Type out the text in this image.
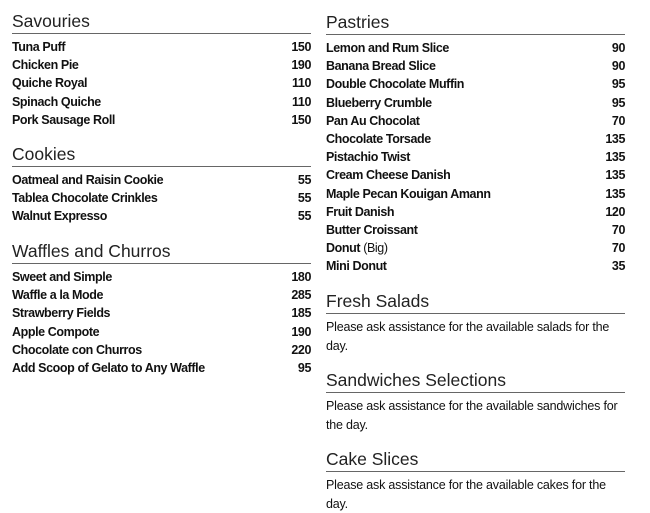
Savouries
Tuna Puff	150
Chicken Pie	190
Quiche Royal	110
Spinach Quiche	110
Pork Sausage Roll	150
Cookies
Oatmeal and Raisin Cookie	55
Tablea Chocolate Crinkles	55
Walnut Expresso	55
Waffles and Churros
Sweet and Simple	180
Waffle a la Mode	285
Strawberry Fields	185
Apple Compote	190
Chocolate con Churros	220
Add Scoop of Gelato to Any Waffle	95
Pastries
Lemon and Rum Slice	90
Banana Bread Slice	90
Double Chocolate Muffin	95
Blueberry Crumble	95
Pan Au Chocolat	70
Chocolate Torsade	135
Pistachio Twist	135
Cream Cheese Danish	135
Maple Pecan Kouigan Amann	135
Fruit Danish	120
Butter Croissant	70
Donut (Big)	70
Mini Donut	35
Fresh Salads
Please ask assistance for the available salads for the day.
Sandwiches Selections
Please ask assistance for the available sandwiches for the day.
Cake Slices
Please ask assistance for the available cakes for the day.
